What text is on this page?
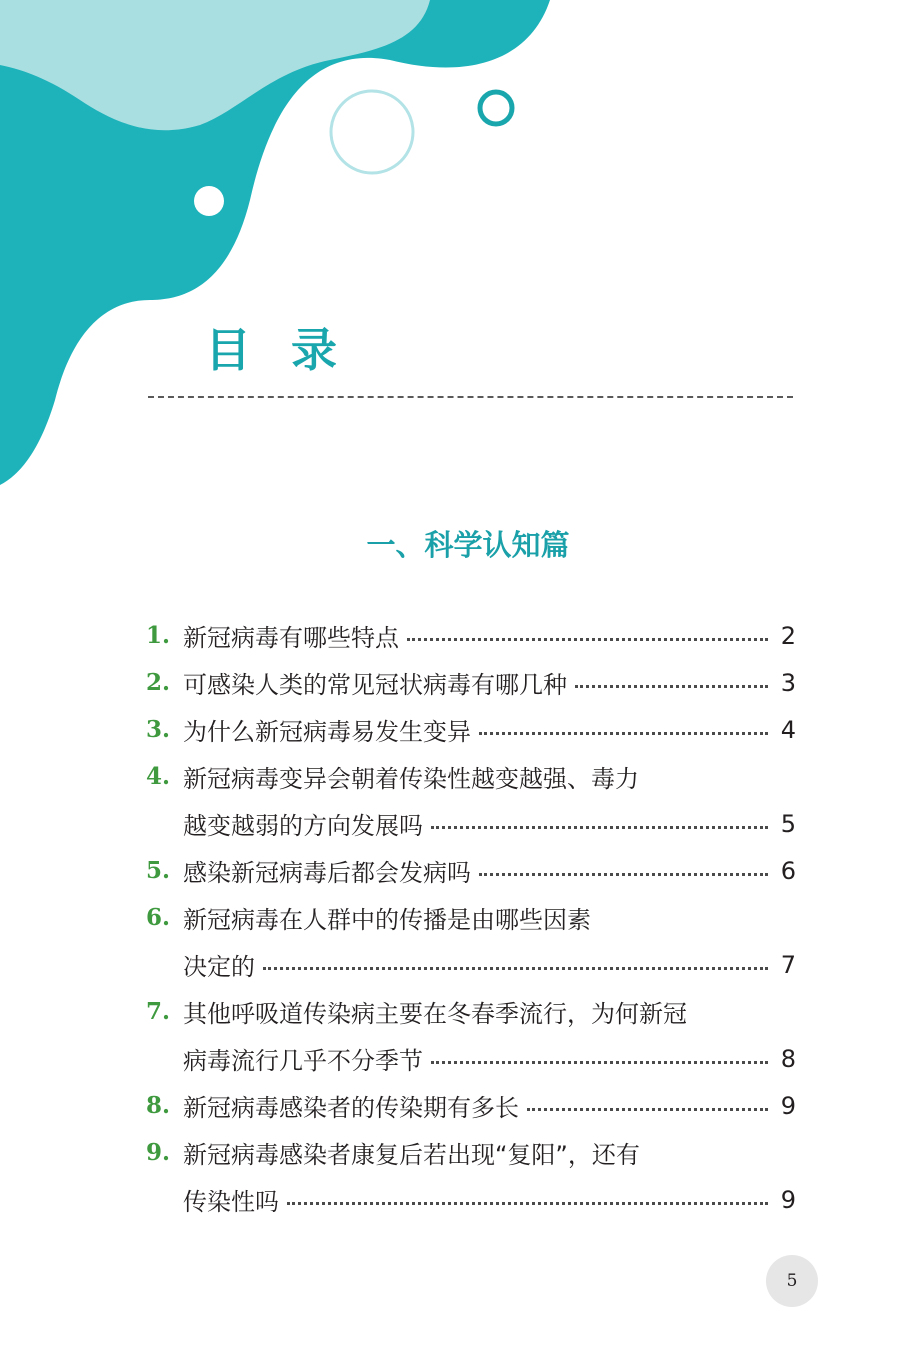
目录
一、科学认知篇
1. 新冠病毒有哪些特点	2
2. 可感染人类的常见冠状病毒有哪几种	3
3. 为什么新冠病毒易发生变异	4
4. 新冠病毒变异会朝着传染性越变越强、毒力
越变越弱的方向发展吗	5
5. 感染新冠病毒后都会发病吗	6
6. 新冠病毒在人群中的传播是由哪些因素
决定的	7
7. 其他呼吸道传染病主要在冬春季流行，为何新冠
病毒流行几乎不分季节	8
8. 新冠病毒感染者的传染期有多长	9
9. 新冠病毒感染者康复后若出现“复阳”，还有
传染性吗	9
5
